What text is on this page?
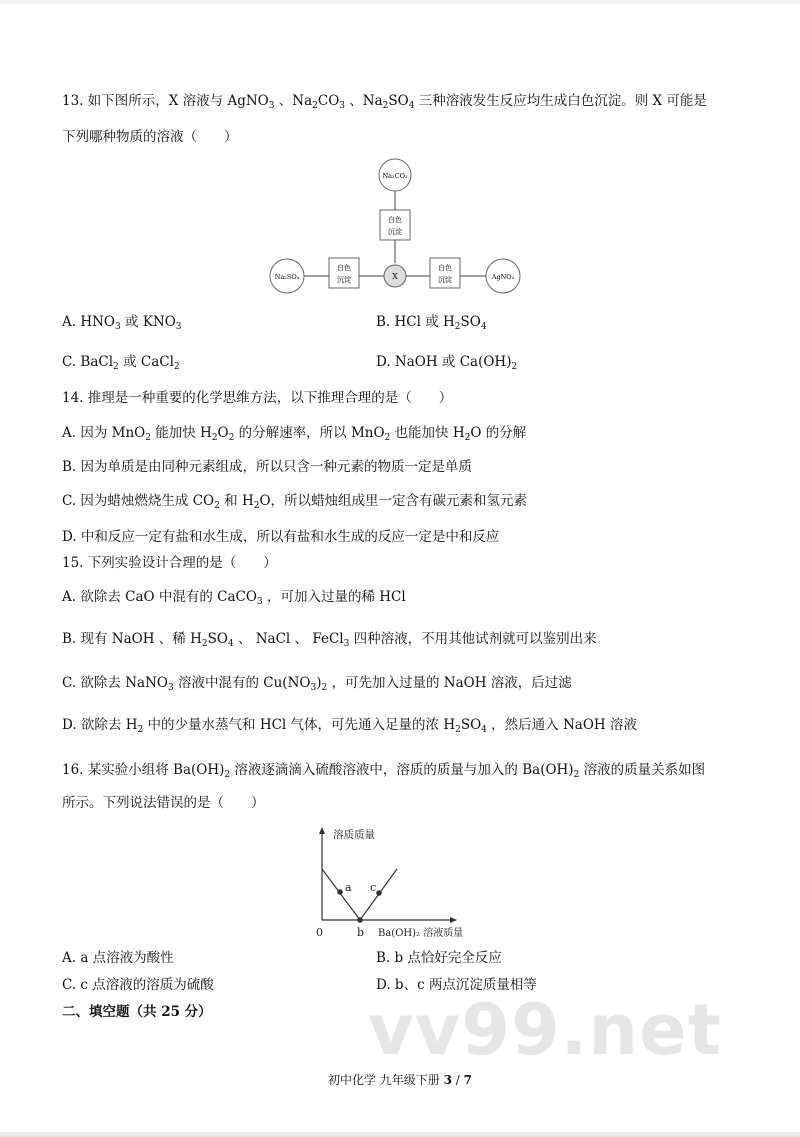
13. 如下图所示，X 溶液与 AgNO$_3$ 、$Na_2CO_3$ 、$Na_2SO_4$ 三种溶液发生反应均生成白色沉淀。则 X 可能是
下列哪种物质的溶液（　　）
A. $HNO_3$ 或 $KNO_3$	B. HCl 或 $H_2SO_4$
C. BaCl$_2$ 或 CaCl$_2$	D. NaOH 或 $Ca(OH)_2$
14. 推理是一种重要的化学思维方法，以下推理合理的是（　　）
A. 因为 MnO$_2$ 能加快 $H_2O_2$ 的分解速率，所以 MnO$_2$ 也能加快 $H_2O$ 的分解
B. 因为单质是由同种元素组成，所以只含一种元素的物质一定是单质
C. 因为蜡烛燃烧生成 $CO_2$ 和 $H_2O$，所以蜡烛组成里一定含有碳元素和氢元素
D. 中和反应一定有盐和水生成，所以有盐和水生成的反应一定是中和反应
15. 下列实验设计合理的是（　　）
A. 欲除去 CaO 中混有的 CaCO$_3$ ，可加入过量的稀 HCl
B. 现有 NaOH 、稀 $H_2SO_4$ 、 NaCl 、 FeCl$_3$ 四种溶液，不用其他试剂就可以鉴别出来
C. 欲除去 NaNO$_3$ 溶液中混有的 $Cu(NO_3)_2$ ，可先加入过量的 NaOH 溶液，后过滤
D. 欲除去 $H_2$ 中的少量水蒸气和 HCl 气体，可先通入足量的浓 $H_2SO_4$ ，然后通入 NaOH 溶液
16. 某实验小组将 $Ba(OH)_2$ 溶液逐滴滴入硫酸溶液中，溶质的质量与加入的 $Ba(OH)_2$ 溶液的质量关系如图
所示。下列说法错误的是（　　）
A. a 点溶液为酸性	B. b 点恰好完全反应
C. c 点溶液的溶质为硫酸	D. b、c 两点沉淀质量相等
二、填空题（共 25 分）
Na₂CO₃
白色
沉淀
白色
沉淀
白色
沉淀
X
Na₂SO₄	AgNO₃
溶质质量
0
a
b
c
Ba(OH)₂ 溶液质量
vv99.net
初中化学 九年级下册 3 / 7
